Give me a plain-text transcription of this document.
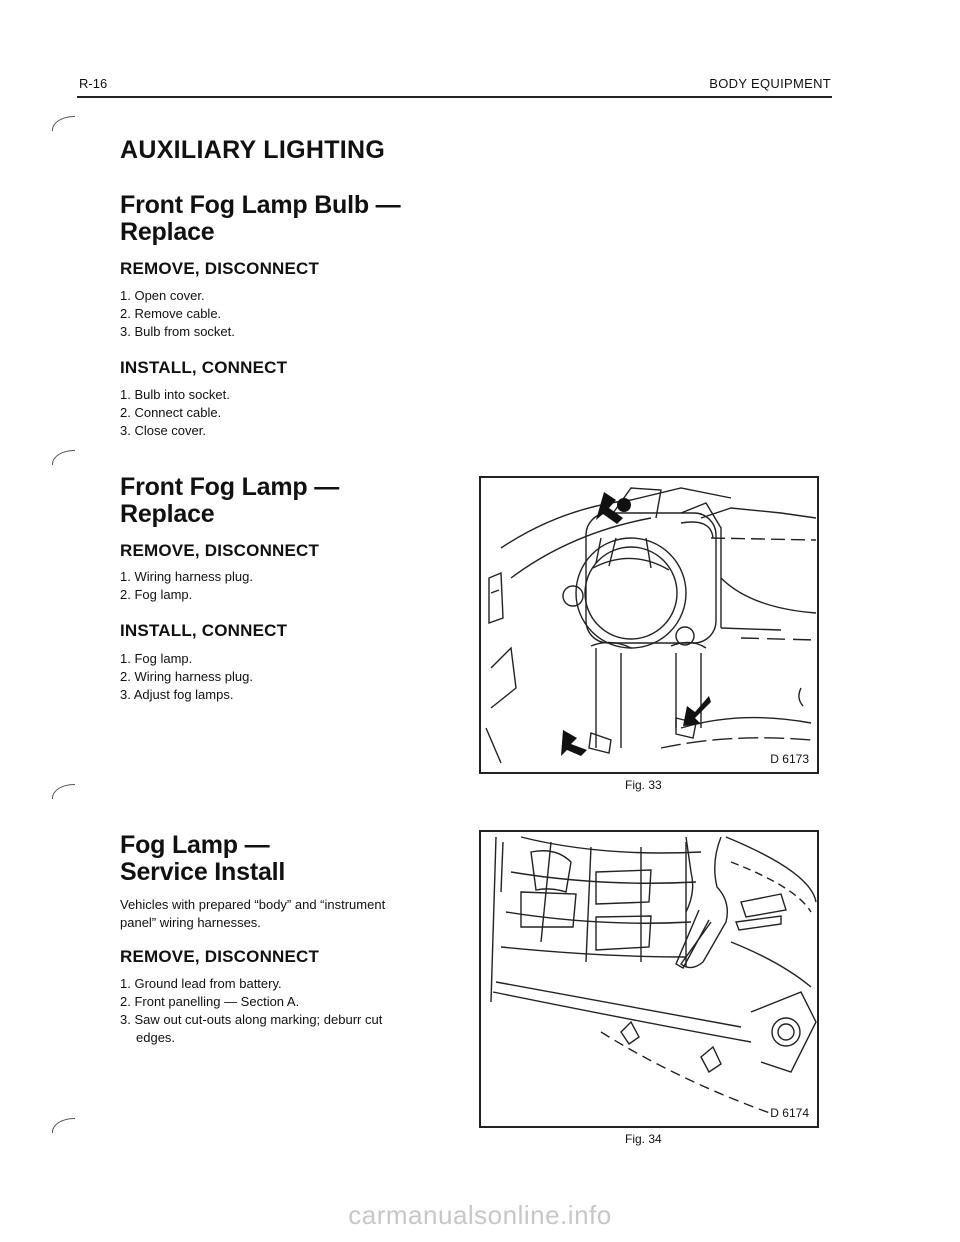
R-16	BODY EQUIPMENT
AUXILIARY LIGHTING
Front Fog Lamp Bulb —
Replace
REMOVE, DISCONNECT
1. Open cover.
2. Remove cable.
3. Bulb from socket.
INSTALL, CONNECT
1. Bulb into socket.
2. Connect cable.
3. Close cover.
Front Fog Lamp —
Replace
REMOVE, DISCONNECT
1. Wiring harness plug.
2. Fog lamp.
INSTALL, CONNECT
1. Fog lamp.
2. Wiring harness plug.
3. Adjust fog lamps.
Fog Lamp —
Service Install

Vehicles with prepared “body” and “instrument panel” wiring harnesses.

REMOVE, DISCONNECT
1. Ground lead from battery.
2. Front panelling — Section A.
3. Saw out cut-outs along marking; deburr cut edges.
D 6173
Fig. 33
D 6174
Fig. 34
carmanualsonline.info
